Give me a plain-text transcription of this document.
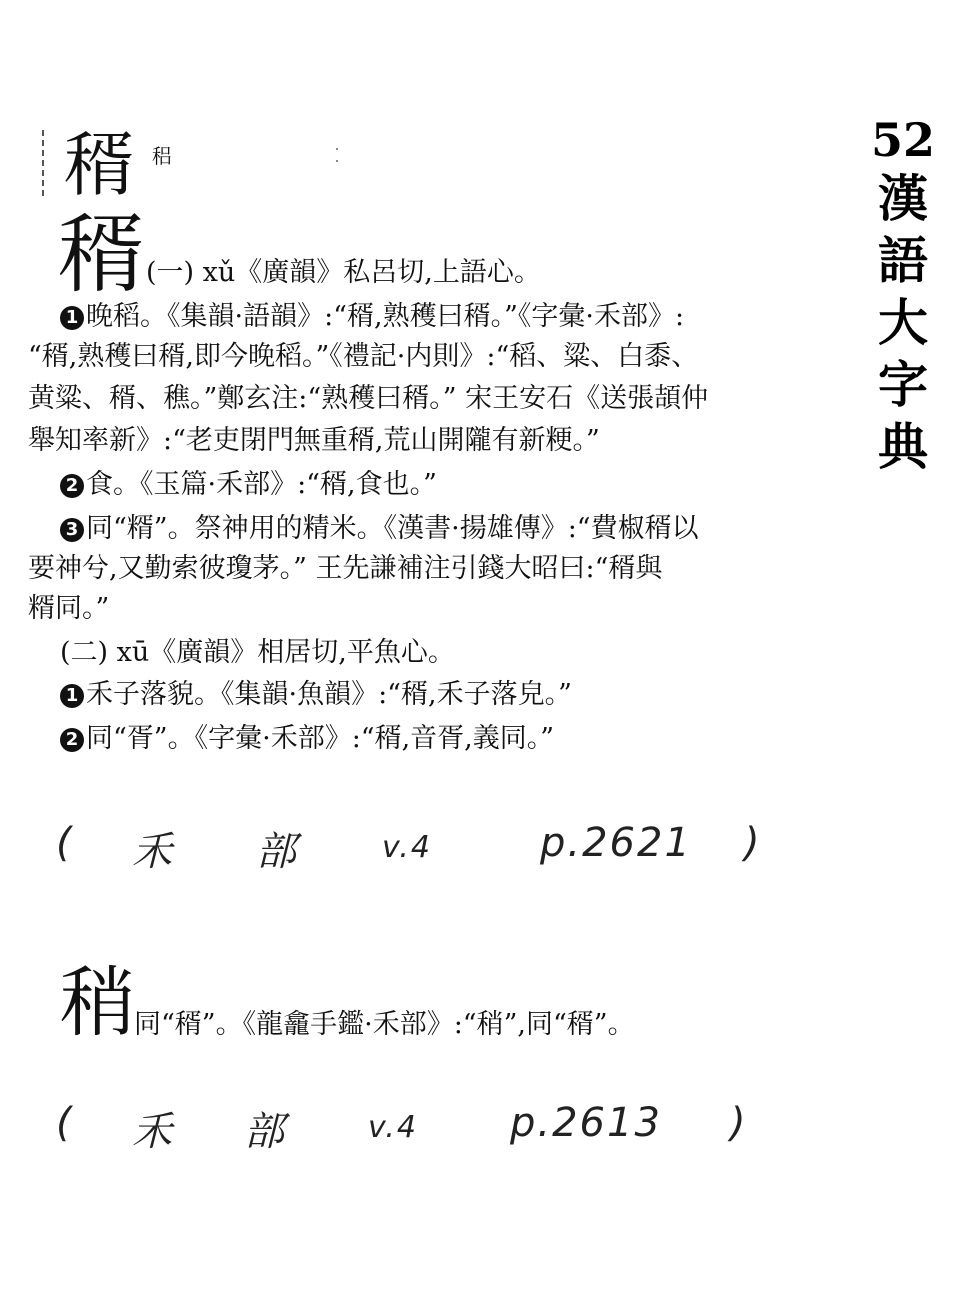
52
漢
語
大
字
典
稰 稆
稰 (一) xǔ《廣韻》私呂切,上語心。
1 晚稻。《集韻·語韻》:“稰,熟穫曰稰。”《字彙·禾部》:
“稰,熟穫曰稰,即今晚稻。”《禮記·内則》:“稻、粱、白黍、
黄粱、稰、穛。”鄭玄注:“熟穫曰稰。” 宋王安石《送張頡仲
舉知率新》:“老吏閉門無重稰,荒山開隴有新粳。”
2 食。《玉篇·禾部》:“稰,食也。”
3 同“糈”。祭神用的精米。《漢書·揚雄傳》:“費椒稰以
要神兮,又勤索彼瓊茅。” 王先謙補注引錢大昭曰:“稰與
糈同。”
(二) xū《廣韻》相居切,平魚心。
1 禾子落貌。《集韻·魚韻》:“稰,禾子落皃。”
2 同“胥”。《字彙·禾部》:“稰,音胥,義同。”
( 禾 部	v.4	p.2621 )
稍
同“稰”。《龍龕手鑑·禾部》:“稍”,同“稰”。
( 禾 部	v.4 p.2613 )
